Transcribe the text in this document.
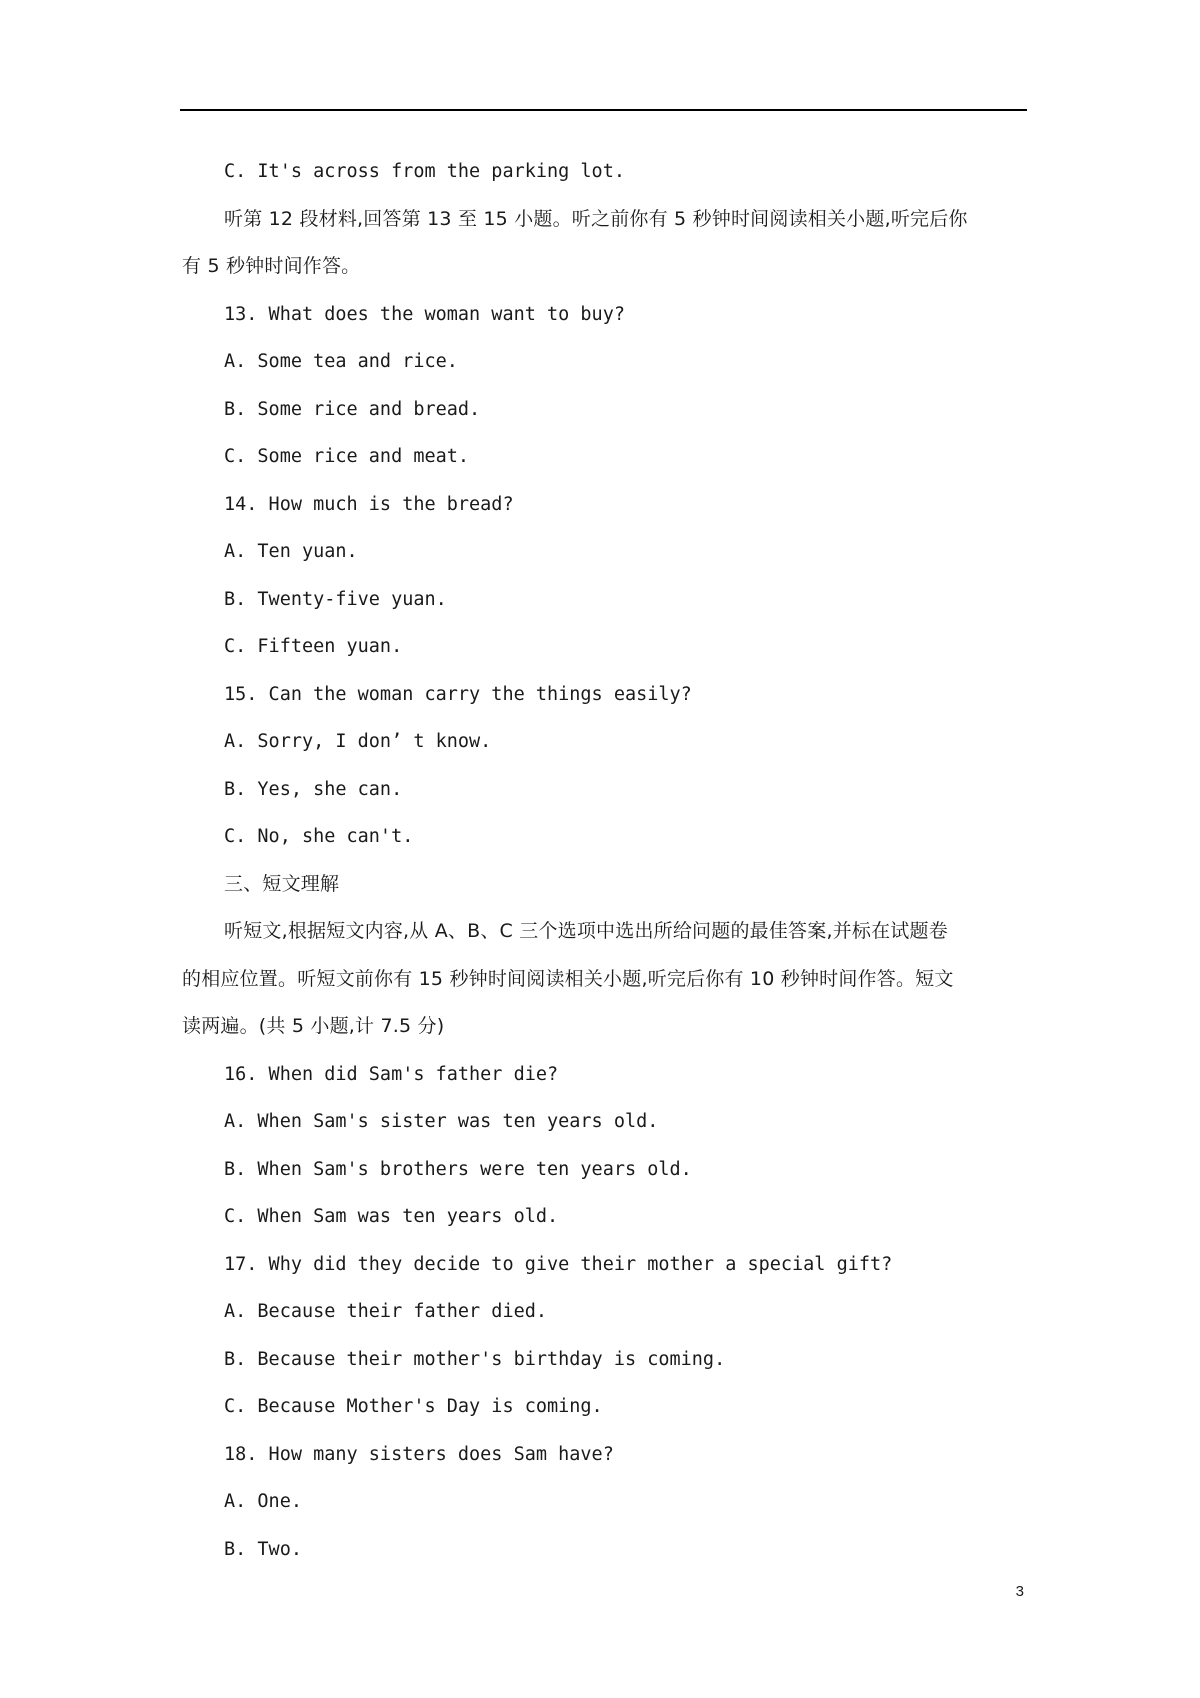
C. It's across from the parking lot.
听第 12 段材料,回答第 13 至 15 小题。听之前你有 5 秒钟时间阅读相关小题,听完后你
有 5 秒钟时间作答。
13. What does the woman want to buy?
A. Some tea and rice.
B. Some rice and bread.
C. Some rice and meat.
14. How much is the bread?
A. Ten yuan.
B. Twenty-five yuan.
C. Fifteen yuan.
15. Can the woman carry the things easily?
A. Sorry, I don’ t know.
B. Yes, she can.
C. No, she can't.
三、短文理解
听短文,根据短文内容,从 A、B、C 三个选项中选出所给问题的最佳答案,并标在试题卷
的相应位置。听短文前你有 15 秒钟时间阅读相关小题,听完后你有 10 秒钟时间作答。短文
读两遍。(共 5 小题,计 7.5 分)
16. When did Sam's father die?
A. When Sam's sister was ten years old.
B. When Sam's brothers were ten years old.
C. When Sam was ten years old.
17. Why did they decide to give their mother a special gift?
A. Because their father died.
B. Because their mother's birthday is coming.
C. Because Mother's Day is coming.
18. How many sisters does Sam have?
A. One.
B. Two.
3
